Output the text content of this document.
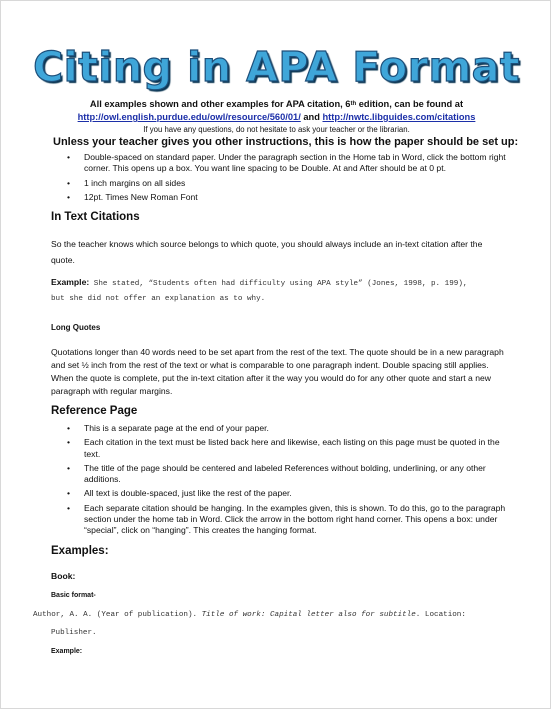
Citing in APA Format
All examples shown and other examples for APA citation, 6th edition, can be found at
http://owl.english.purdue.edu/owl/resource/560/01/ and http://nwtc.libguides.com/citations
If you have any questions, do not hesitate to ask your teacher or the librarian.
Unless your teacher gives you other instructions, this is how the paper should be set up:
• Double-spaced on standard paper. Under the paragraph section in the Home tab in Word, click the bottom right corner. This opens up a box. You want line spacing to be Double. At and After should be at 0 pt.
• 1 inch margins on all sides
• 12pt. Times New Roman Font
In Text Citations
So the teacher knows which source belongs to which quote, you should always include an in-text citation after the quote.
Example: She stated, “Students often had difficulty using APA style” (Jones, 1998, p. 199),
but she did not offer an explanation as to why.
Long Quotes
Quotations longer than 40 words need to be set apart from the rest of the text. The quote should be in a new paragraph and set ½ inch from the rest of the text or what is comparable to one paragraph indent. Double spacing still applies. When the quote is complete, put the in-text citation after it the way you would do for any other quote and start a new paragraph with regular margins.
Reference Page
• This is a separate page at the end of your paper.
• Each citation in the text must be listed back here and likewise, each listing on this page must be quoted in the text.
• The title of the page should be centered and labeled References without bolding, underlining, or any other additions.
• All text is double-spaced, just like the rest of the paper.
• Each separate citation should be hanging. In the examples given, this is shown. To do this, go to the paragraph section under the home tab in Word. Click the arrow in the bottom right hand corner. This opens a box: under “special”, click on “hanging”. This creates the hanging format.
Examples:
Book:
Basic format-
Author, A. A. (Year of publication). Title of work: Capital letter also for subtitle. Location:
Publisher.
Example:
